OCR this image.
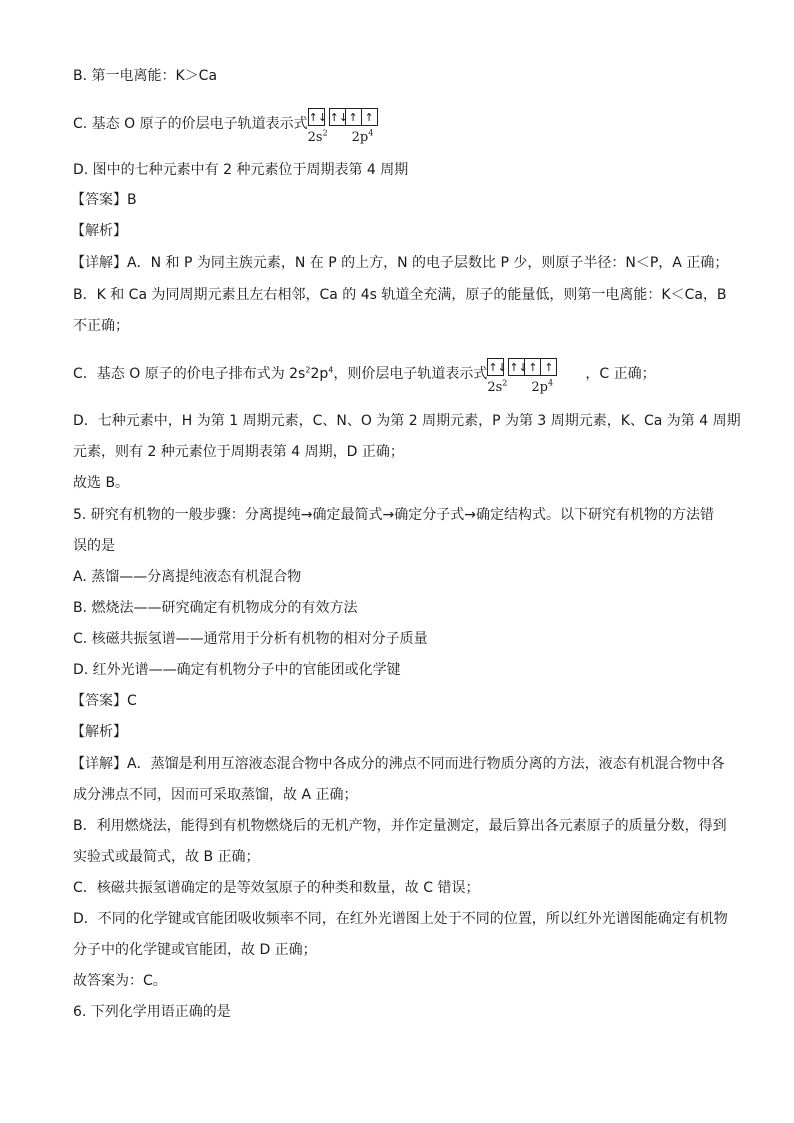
B. 第一电离能：K＞Ca
C. 基态 O 原子的价层电子轨道表示式 ↑↓ ↑↓ ↑ ↑
$2s^2$ $2p^4$
D. 图中的七种元素中有 2 种元素位于周期表第 4 周期
【答案】B
【解析】
【详解】A．N 和 P 为同主族元素，N 在 P 的上方，N 的电子层数比 P 少，则原子半径：N＜P，A 正确；
B．K 和 Ca 为同周期元素且左右相邻，Ca 的 4s 轨道全充满，原子的能量低，则第一电离能：K＜Ca，B
不正确；
C．基态 O 原子的价电子排布式为 $2s^22p^4$，则价层电子轨道表示式 ↑↓ ↑↓ ↑ ↑
$2s^2$ $2p^4$
，C 正确；
D．七种元素中，H 为第 1 周期元素，C、N、O 为第 2 周期元素，P 为第 3 周期元素，K、Ca 为第 4 周期
元素，则有 2 种元素位于周期表第 4 周期，D 正确；
故选 B。
5. 研究有机物的一般步骤：分离提纯→确定最简式→确定分子式→确定结构式。以下研究有机物的方法错
误的是
A. 蒸馏——分离提纯液态有机混合物
B. 燃烧法——研究确定有机物成分的有效方法
C. 核磁共振氢谱——通常用于分析有机物的相对分子质量
D. 红外光谱——确定有机物分子中的官能团或化学键
【答案】C
【解析】
【详解】A．蒸馏是利用互溶液态混合物中各成分的沸点不同而进行物质分离的方法，液态有机混合物中各
成分沸点不同，因而可采取蒸馏，故 A 正确；
B．利用燃烧法，能得到有机物燃烧后的无机产物，并作定量测定，最后算出各元素原子的质量分数，得到
实验式或最简式，故 B 正确；
C．核磁共振氢谱确定的是等效氢原子的种类和数量，故 C 错误；
D．不同的化学键或官能团吸收频率不同，在红外光谱图上处于不同的位置，所以红外光谱图能确定有机物
分子中的化学键或官能团，故 D 正确；
故答案为：C。
6. 下列化学用语正确的是
